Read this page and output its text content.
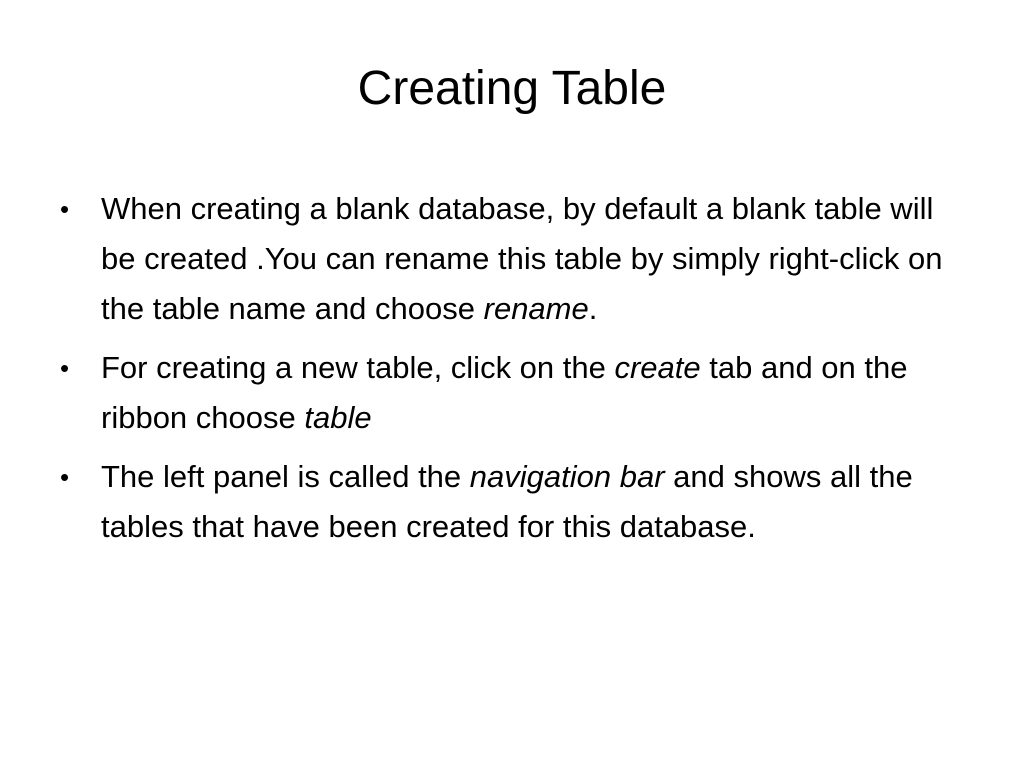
Creating Table
• When creating a blank database, by default a blank table will be created .You can rename this table by simply right-click on the table name and choose rename.
• For creating a new table, click on the create tab and on the ribbon choose table
• The left panel is called the navigation bar and shows all the tables that have been created for this database.
